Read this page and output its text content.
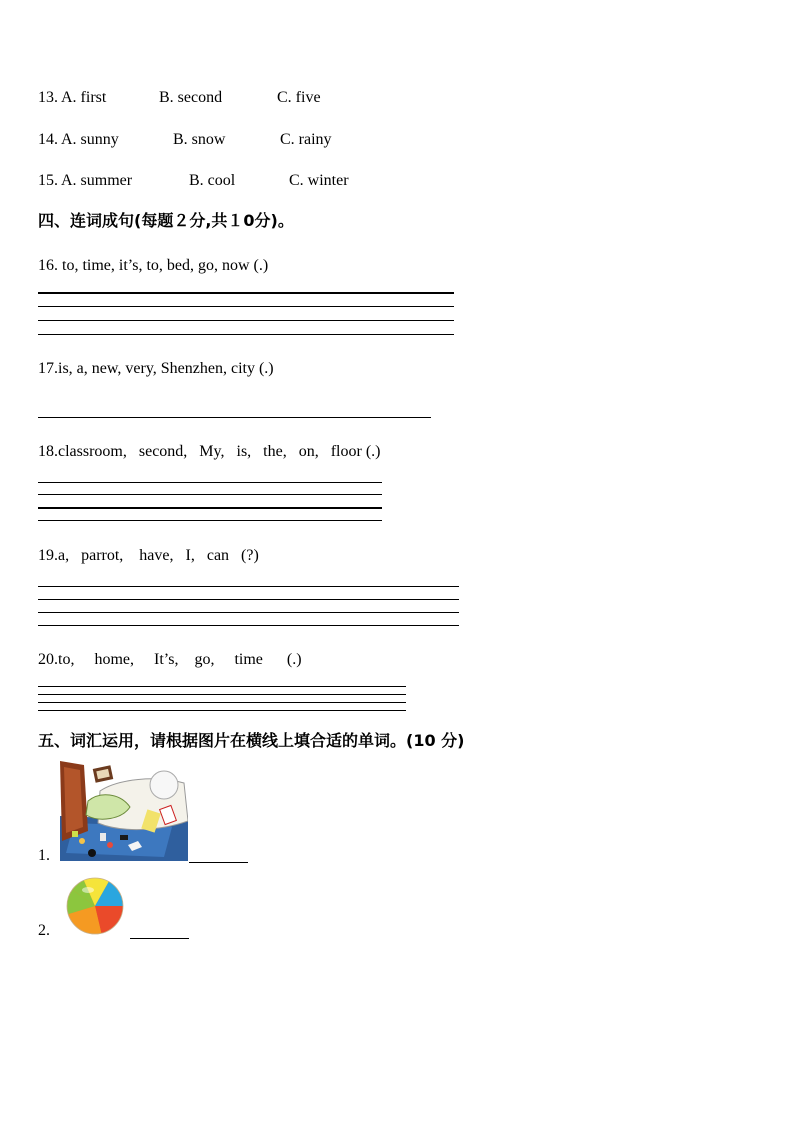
13. A. first	B. second	C. five
14. A. sunny	B. snow	C. rainy
15. A. summer	B. cool	C. winter
四、连词成句(每题２分,共１0分)。
16. to, time, it’s, to, bed, go, now (.)
17.is, a, new, very, Shenzhen, city (.)
18.classroom,   second,   My,   is,   the,   on,   floor (.)
19.a,   parrot,    have,   I,   can   (?)
20.to,     home,     It’s,    go,     time      (.)
五、词汇运用，请根据图片在横线上填合适的单词。(10 分)
1.
2.
